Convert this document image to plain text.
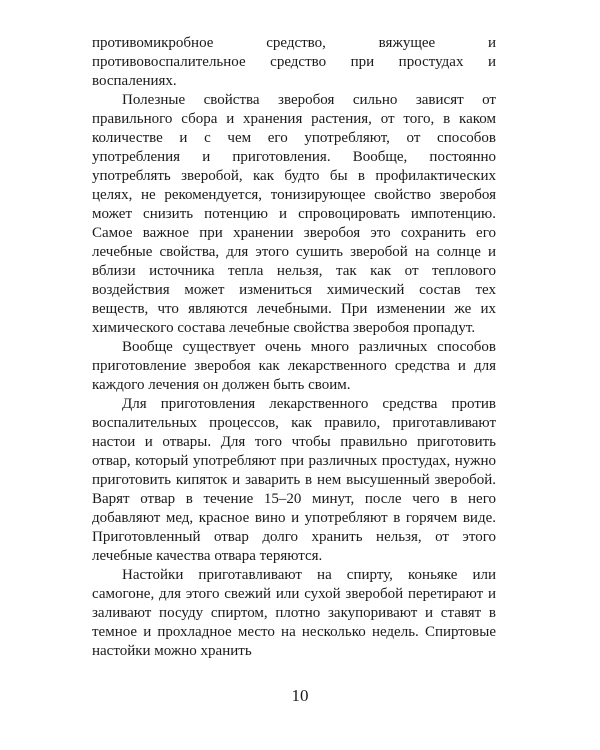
противомикробное средство, вяжущее и противовоспалительное средство при простудах и воспалениях.

Полезные свойства зверобоя сильно зависят от правильного сбора и хранения растения, от того, в каком количестве и с чем его употребляют, от способов употребления и приготовления. Вообще, постоянно употреблять зверобой, как будто бы в профилактических целях, не рекомендуется, тонизирующее свойство зверобоя может снизить потенцию и спровоцировать импотенцию. Самое важное при хранении зверобоя это сохранить его лечебные свойства, для этого сушить зверобой на солнце и вблизи источника тепла нельзя, так как от теплового воздействия может измениться химический состав тех веществ, что являются лечебными. При изменении же их химического состава лечебные свойства зверобоя пропадут.

Вообще существует очень много различных способов приготовление зверобоя как лекарственного средства и для каждого лечения он должен быть своим.

Для приготовления лекарственного средства против воспалительных процессов, как правило, приготавливают настои и отвары. Для того чтобы правильно приготовить отвар, который употребляют при различных простудах, нужно приготовить кипяток и заварить в нем высушенный зверобой. Варят отвар в течение 15–20 минут, после чего в него добавляют мед, красное вино и употребляют в горячем виде. Приготовленный отвар долго хранить нельзя, от этого лечебные качества отвара теряются.

Настойки приготавливают на спирту, коньяке или самогоне, для этого свежий или сухой зверобой перетирают и заливают посуду спиртом, плотно закупоривают и ставят в темное и прохладное место на несколько недель. Спиртовые настойки можно хранить

10
